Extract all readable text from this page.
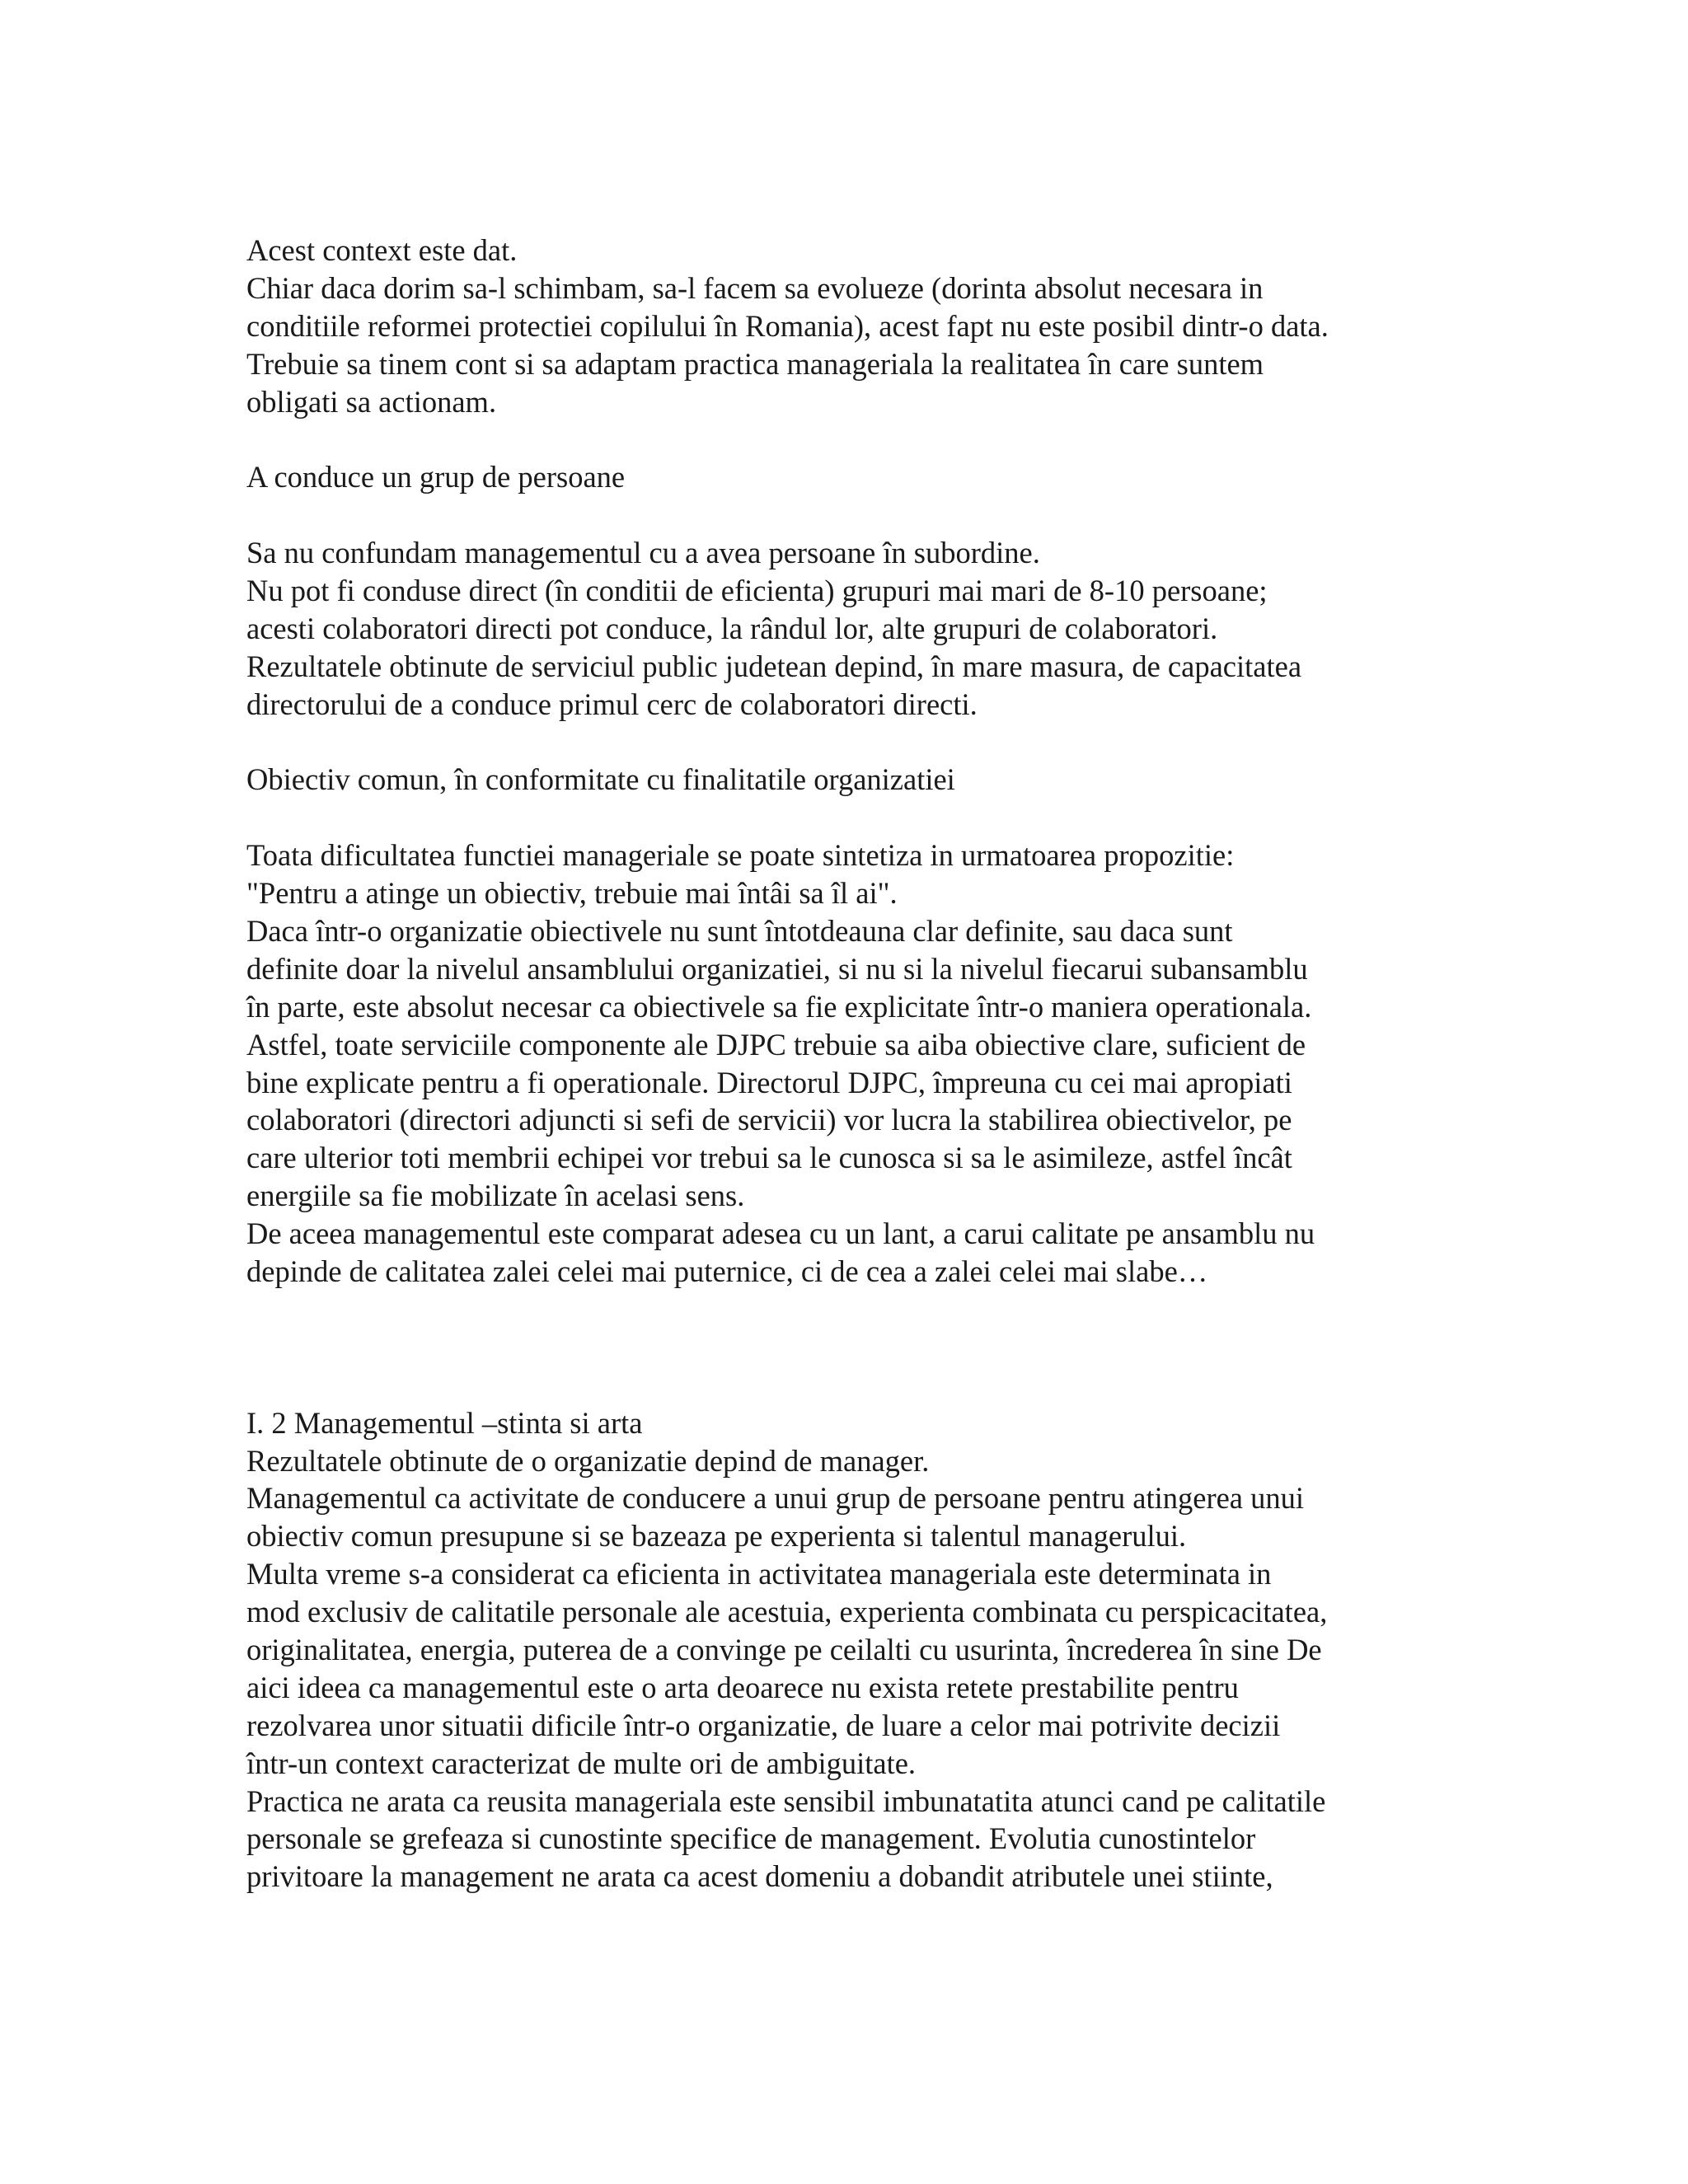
Acest context este dat.
Chiar daca dorim sa-l schimbam, sa-l facem sa evolueze (dorinta absolut necesara in
conditiile reformei protectiei copilului în Romania), acest fapt nu este posibil dintr-o data.
Trebuie sa tinem cont si sa adaptam practica manageriala la realitatea în care suntem
obligati sa actionam.
A conduce un grup de persoane
Sa nu confundam managementul cu a avea persoane în subordine.
Nu pot fi conduse direct (în conditii de eficienta) grupuri mai mari de 8-10 persoane;
acesti colaboratori directi pot conduce, la rândul lor, alte grupuri de colaboratori.
Rezultatele obtinute de serviciul public judetean depind, în mare masura, de capacitatea
directorului de a conduce primul cerc de colaboratori directi.
Obiectiv comun, în conformitate cu finalitatile organizatiei
Toata dificultatea functiei manageriale se poate sintetiza in urmatoarea propozitie:
"Pentru a atinge un obiectiv, trebuie mai întâi sa îl ai".
Daca într-o organizatie obiectivele nu sunt întotdeauna clar definite, sau daca sunt
definite doar la nivelul ansamblului organizatiei, si nu si la nivelul fiecarui subansamblu
în parte, este absolut necesar ca obiectivele sa fie explicitate într-o maniera operationala.
Astfel, toate serviciile componente ale DJPC trebuie sa aiba obiective clare, suficient de
bine explicate pentru a fi operationale. Directorul DJPC, împreuna cu cei mai apropiati
colaboratori (directori adjuncti si sefi de servicii) vor lucra la stabilirea obiectivelor, pe
care ulterior toti membrii echipei vor trebui sa le cunosca si sa le asimileze, astfel încât
energiile sa fie mobilizate în acelasi sens.
De aceea managementul este comparat adesea cu un lant, a carui calitate pe ansamblu nu
depinde de calitatea zalei celei mai puternice, ci de cea a zalei celei mai slabe…
I. 2 Managementul –stinta si arta
Rezultatele obtinute de o organizatie depind de manager.
Managementul ca activitate de conducere a unui grup de persoane pentru atingerea unui
obiectiv comun presupune si se bazeaza pe experienta si talentul managerului.
Multa vreme s-a considerat ca eficienta in activitatea manageriala este determinata in
mod exclusiv de calitatile personale ale acestuia, experienta combinata cu perspicacitatea,
originalitatea, energia, puterea de a convinge pe ceilalti cu usurinta, încrederea în sine De
aici ideea ca managementul este o arta deoarece nu exista retete prestabilite pentru
rezolvarea unor situatii dificile într-o organizatie, de luare a celor mai potrivite decizii
într-un context caracterizat de multe ori de ambiguitate.
Practica ne arata ca reusita manageriala este sensibil imbunatatita atunci cand pe calitatile
personale se grefeaza si cunostinte specifice de management. Evolutia cunostintelor
privitoare la management ne arata ca acest domeniu a dobandit atributele unei stiinte,
